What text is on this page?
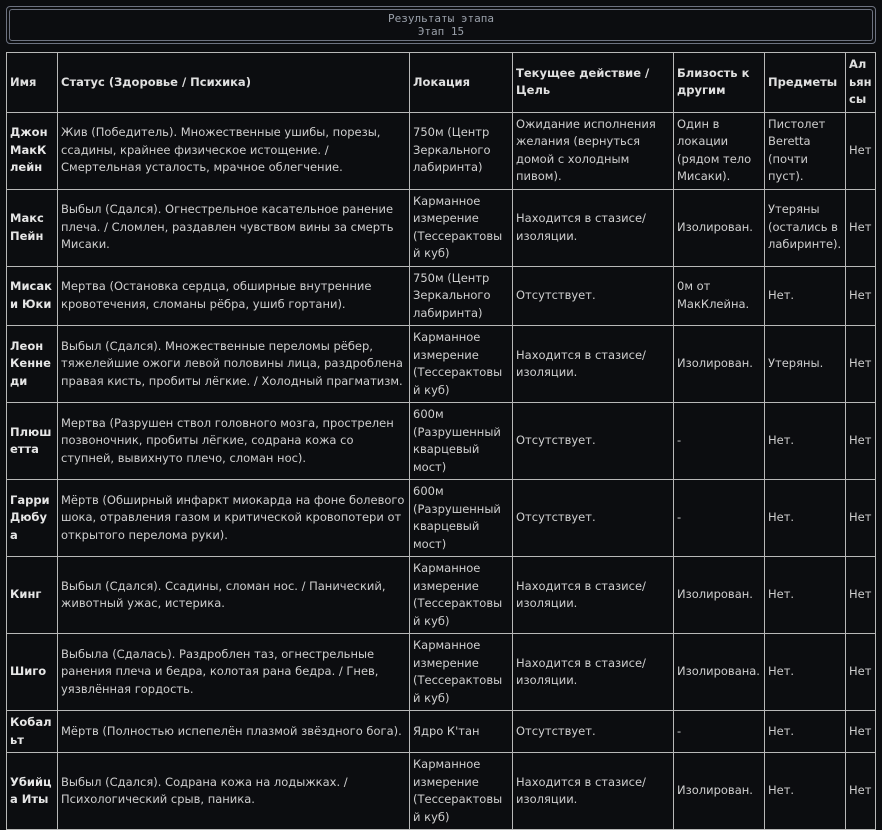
Результаты этапа
Этап 15
Имя	Статус (Здоровье / Психика)	Локация	Текущее действие / Цель	Близость к другим	Предметы	Альянсы
Джон МакКлейн	Жив (Победитель). Множественные ушибы, порезы, ссадины, крайнее физическое истощение. / Смертельная усталость, мрачное облегчение.	750м (Центр Зеркального лабиринта)	Ожидание исполнения желания (вернуться домой с холодным пивом).	Один в локации (рядом тело Мисаки).	Пистолет Beretta (почти пуст).	Нет
Макс Пейн	Выбыл (Сдался). Огнестрельное касательное ранение плеча. / Сломлен, раздавлен чувством вины за смерть Мисаки.	Карманное измерение (Тессерактовый куб)	Находится в стазисе/изоляции.	Изолирован.	Утеряны (остались в лабиринте).	Нет
Мисаки Юки	Мертва (Остановка сердца, обширные внутренние кровотечения, сломаны рёбра, ушиб гортани).	750м (Центр Зеркального лабиринта)	Отсутствует.	0м от МакКлейна.	Нет.	Нет
Леон Кеннеди	Выбыл (Сдался). Множественные переломы рёбер, тяжелейшие ожоги левой половины лица, раздроблена правая кисть, пробиты лёгкие. / Холодный прагматизм.	Карманное измерение (Тессерактовый куб)	Находится в стазисе/изоляции.	Изолирован.	Утеряны.	Нет
Плюшетта	Мертва (Разрушен ствол головного мозга, прострелен позвоночник, пробиты лёгкие, содрана кожа со ступней, вывихнуто плечо, сломан нос).	600м (Разрушенный кварцевый мост)	Отсутствует.	-	Нет.	Нет
Гарри Дюбуа	Мёртв (Обширный инфаркт миокарда на фоне болевого шока, отравления газом и критической кровопотери от открытого перелома руки).	600м (Разрушенный кварцевый мост)	Отсутствует.	-	Нет.	Нет
Кинг	Выбыл (Сдался). Ссадины, сломан нос. / Панический, животный ужас, истерика.	Карманное измерение (Тессерактовый куб)	Находится в стазисе/изоляции.	Изолирован.	Нет.	Нет
Шиго	Выбыла (Сдалась). Раздроблен таз, огнестрельные ранения плеча и бедра, колотая рана бедра. / Гнев, уязвлённая гордость.	Карманное измерение (Тессерактовый куб)	Находится в стазисе/изоляции.	Изолирована.	Нет.	Нет
Кобальт	Мёртв (Полностью испепелён плазмой звёздного бога).	Ядро К'тан	Отсутствует.	-	Нет.	Нет
Убийца Иты	Выбыл (Сдался). Содрана кожа на лодыжках. / Психологический срыв, паника.	Карманное измерение (Тессерактовый куб)	Находится в стазисе/изоляции.	Изолирован.	Нет.	Нет
